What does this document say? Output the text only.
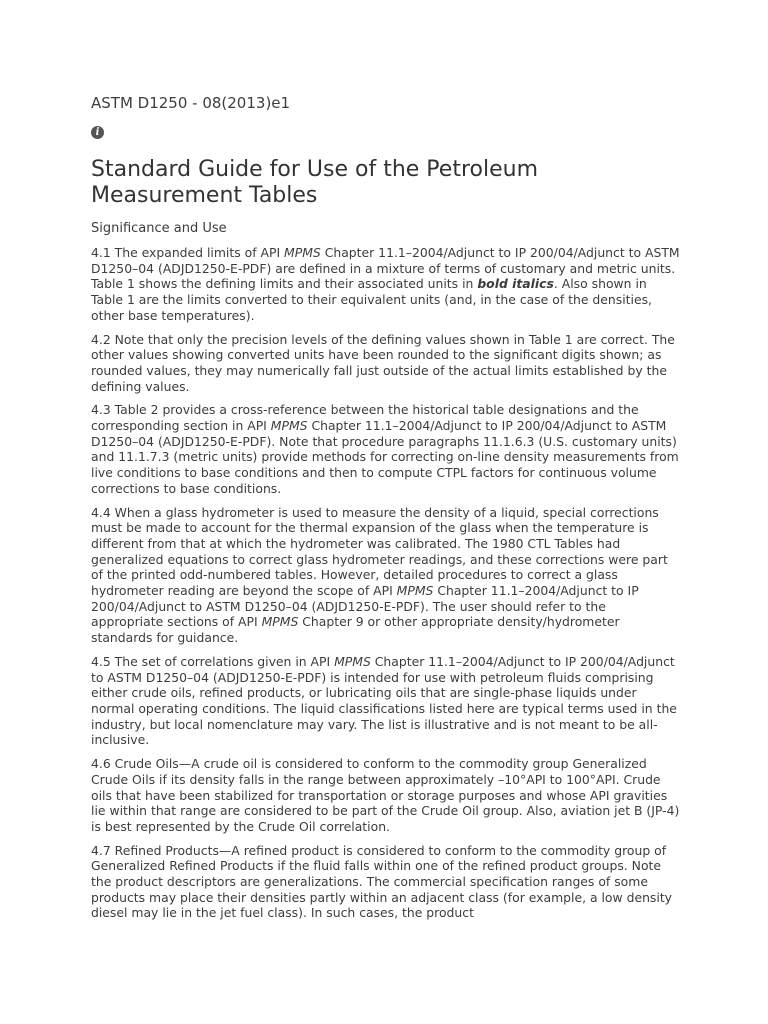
ASTM D1250 - 08(2013)e1
i
Standard Guide for Use of the Petroleum Measurement Tables
Significance and Use

4.1 The expanded limits of API MPMS Chapter 11.1–2004/Adjunct to IP 200/04/Adjunct to ASTM D1250–04 (ADJD1250-E-PDF) are defined in a mixture of terms of customary and metric units. Table 1 shows the defining limits and their associated units in bold italics. Also shown in Table 1 are the limits converted to their equivalent units (and, in the case of the densities, other base temperatures).

4.2 Note that only the precision levels of the defining values shown in Table 1 are correct. The other values showing converted units have been rounded to the significant digits shown; as rounded values, they may numerically fall just outside of the actual limits established by the defining values.

4.3 Table 2 provides a cross-reference between the historical table designations and the corresponding section in API MPMS Chapter 11.1–2004/Adjunct to IP 200/04/Adjunct to ASTM D1250–04 (ADJD1250-E-PDF). Note that procedure paragraphs 11.1.6.3 (U.S. customary units) and 11.1.7.3 (metric units) provide methods for correcting on-line density measurements from live conditions to base conditions and then to compute CTPL factors for continuous volume corrections to base conditions.

4.4 When a glass hydrometer is used to measure the density of a liquid, special corrections must be made to account for the thermal expansion of the glass when the temperature is different from that at which the hydrometer was calibrated. The 1980 CTL Tables had generalized equations to correct glass hydrometer readings, and these corrections were part of the printed odd-numbered tables. However, detailed procedures to correct a glass hydrometer reading are beyond the scope of API MPMS Chapter 11.1–2004/Adjunct to IP 200/04/Adjunct to ASTM D1250–04 (ADJD1250-E-PDF). The user should refer to the appropriate sections of API MPMS Chapter 9 or other appropriate density/hydrometer standards for guidance.

4.5 The set of correlations given in API MPMS Chapter 11.1–2004/Adjunct to IP 200/04/Adjunct to ASTM D1250–04 (ADJD1250-E-PDF) is intended for use with petroleum fluids comprising either crude oils, refined products, or lubricating oils that are single-phase liquids under normal operating conditions. The liquid classifications listed here are typical terms used in the industry, but local nomenclature may vary. The list is illustrative and is not meant to be all-inclusive.

4.6 Crude Oils—A crude oil is considered to conform to the commodity group Generalized Crude Oils if its density falls in the range between approximately –10°API to 100°API. Crude oils that have been stabilized for transportation or storage purposes and whose API gravities lie within that range are considered to be part of the Crude Oil group. Also, aviation jet B (JP-4) is best represented by the Crude Oil correlation.

4.7 Refined Products—A refined product is considered to conform to the commodity group of Generalized Refined Products if the fluid falls within one of the refined product groups. Note the product descriptors are generalizations. The commercial specification ranges of some products may place their densities partly within an adjacent class (for example, a low density diesel may lie in the jet fuel class). In such cases, the product
